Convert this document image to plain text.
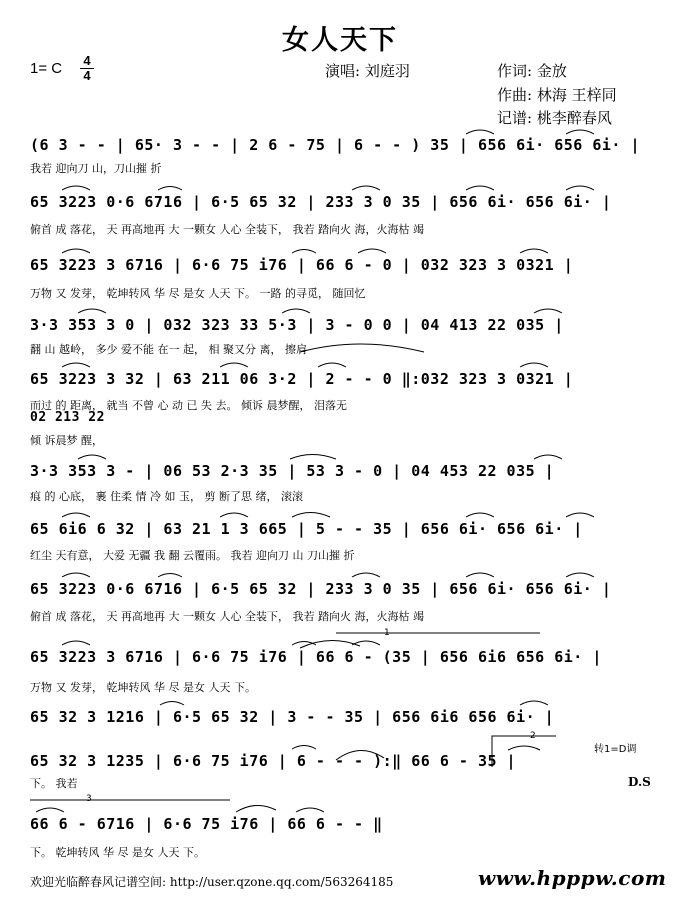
女人天下
1= C 4
4	演唱: 刘庭羽	作词: 金放
作曲: 林海 王梓同
记谱: 桃李醉春风
(6 3 - - | 65· 3 - - | 2 6 - 75 | 6 - - ) 35 | 656 6i· 656 6i· |
我若 迎向刀 山，刀山摧 折
65 3223 0·6 6716 | 6·5 65 32 | 233 3 0 35 | 656 6i· 656 6i· |
俯首 成 落花， 天 再高地再 大 一颗女 人心 全装下， 我若 踏向火 海，火海枯 竭
65 3223 3 6716 | 6·6 75 i76 | 66 6 - 0 | 032 323 3 0321 |
万物 又 发芽， 乾坤转风 华 尽 是女 人天 下。 一路 的寻觅， 随回忆
3·3 353 3 0 | 032 323 33 5·3 | 3 - 0 0 | 04 413 22 035 |
翻 山 越岭， 多少 爱不能 在一 起， 相 聚又分 离， 擦肩
65 3223 3 32 | 63 211 06 3·2 | 2 - - 0 ‖:032 323 3 0321 |
而过 的 距离， 就当 不曾 心 动 已 失 去。 倾诉 晨梦醒， 泪落无
02 213 22
倾 诉晨梦 醒，
3·3 353 3 - | 06 53 2·3 35 | 53 3 - 0 | 04 453 22 035 |
痕 的 心底， 裹 住柔 情 冷 如 玉， 剪 断了思 绪， 滚滚
65 6i6 6 32 | 63 21 1 3 665 | 5 - - 35 | 656 6i· 656 6i· |
红尘 天有意， 大爱 无疆 我 翻 云覆雨。 我若 迎向刀 山 刀山摧 折
65 3223 0·6 6716 | 6·5 65 32 | 233 3 0 35 | 656 6i· 656 6i· |
俯首 成 落花， 天 再高地再 大 一颗女 人心 全装下， 我若 踏向火 海，火海枯 竭
65 3223 3 6716 | 6·6 75 i76 | 66 6 - (35 | 656 6i6 656 6i· |
万物 又 发芽， 乾坤转风 华 尽 是女 人天 下。
65 32 3 1216 | 6·5 65 32 | 3 - - 35 | 656 6i6 656 6i· |
65 32 3 1235 | 6·6 75 i76 | 6 - - - ):‖ 66 6 - 35 |
下。 我若	D.S
转1=D调
66 6 - 6716 | 6·6 75 i76 | 66 6 - - ‖
下。 乾坤转风 华 尽 是女 人天 下。
1
2
3
欢迎光临醉春风记谱空间: http://user.qzone.qq.com/563264185	www.hpppw.com
